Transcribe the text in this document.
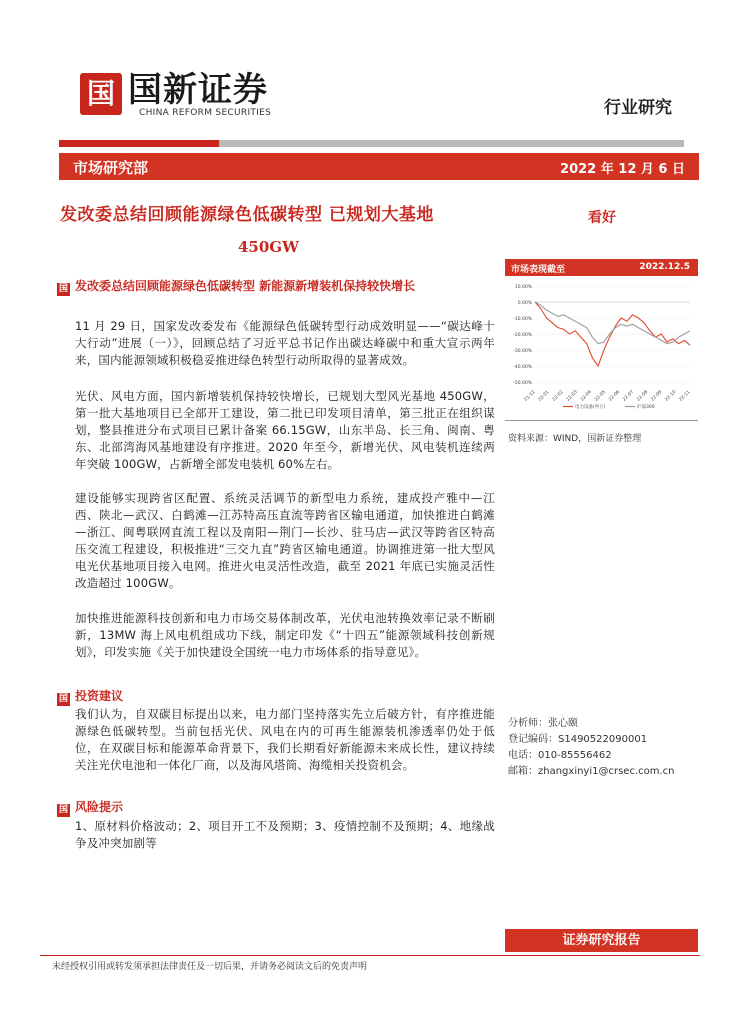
国 国新证券
CHINA REFORM SECURITIES	行业研究
市场研究部	2022 年 12 月 6 日
发改委总结回顾能源绿色低碳转型 已规划大基地
450GW
看好
市场表现截至	2022.12.5
10.00%
0.00%
-10.00%
-20.00%
-30.00%
-40.00%
-50.00%
21-12 22-01 22-02 22-03 22-04 22-05 22-06 22-07 22-08 22-09 22-10 22-11
电力设备(申万)	沪深300
资料来源：WIND，国新证券整理
分析师：张心颐
登记编码：S1490522090001
电话：010-85556462
邮箱：zhangxinyi1@crsec.com.cn
国 发改委总结回顾能源绿色低碳转型 新能源新增装机保持较快增长
11 月 29 日，国家发改委发布《能源绿色低碳转型行动成效明显——“碳达峰十大行动”进展（一）》，回顾总结了习近平总书记作出碳达峰碳中和重大宣示两年来，国内能源领域积极稳妥推进绿色转型行动所取得的显著成效。
光伏、风电方面，国内新增装机保持较快增长，已规划大型风光基地 450GW，第一批大基地项目已全部开工建设，第二批已印发项目清单，第三批正在组织谋划，整县推进分布式项目已累计备案 66.15GW，山东半岛、长三角、闽南、粤东、北部湾海风基地建设有序推进。2020 年至今，新增光伏、风电装机连续两年突破 100GW，占新增全部发电装机 60%左右。
建设能够实现跨省区配置、系统灵活调节的新型电力系统，建成投产雅中—江西、陕北—武汉、白鹤滩—江苏特高压直流等跨省区输电通道，加快推进白鹤滩—浙江、闽粤联网直流工程以及南阳—荆门—长沙、驻马店—武汉等跨省区特高压交流工程建设，积极推进“三交九直”跨省区输电通道。协调推进第一批大型风电光伏基地项目接入电网。推进火电灵活性改造，截至 2021 年底已实施灵活性改造超过 100GW。
加快推进能源科技创新和电力市场交易体制改革，光伏电池转换效率记录不断刷新，13MW 海上风电机组成功下线，制定印发《“十四五”能源领域科技创新规划》，印发实施《关于加快建设全国统一电力市场体系的指导意见》。
国 投资建议
我们认为，自双碳目标提出以来，电力部门坚持落实先立后破方针，有序推进能源绿色低碳转型。当前包括光伏、风电在内的可再生能源装机渗透率仍处于低位，在双碳目标和能源革命背景下，我们长期看好新能源未来成长性，建议持续关注光伏电池和一体化厂商，以及海风塔筒、海缆相关投资机会。
国 风险提示
1、原材料价格波动；2、项目开工不及预期；3、疫情控制不及预期；4、地缘战争及冲突加剧等
证券研究报告
未经授权引用或转发须承担法律责任及一切后果，并请务必阅读文后的免责声明
